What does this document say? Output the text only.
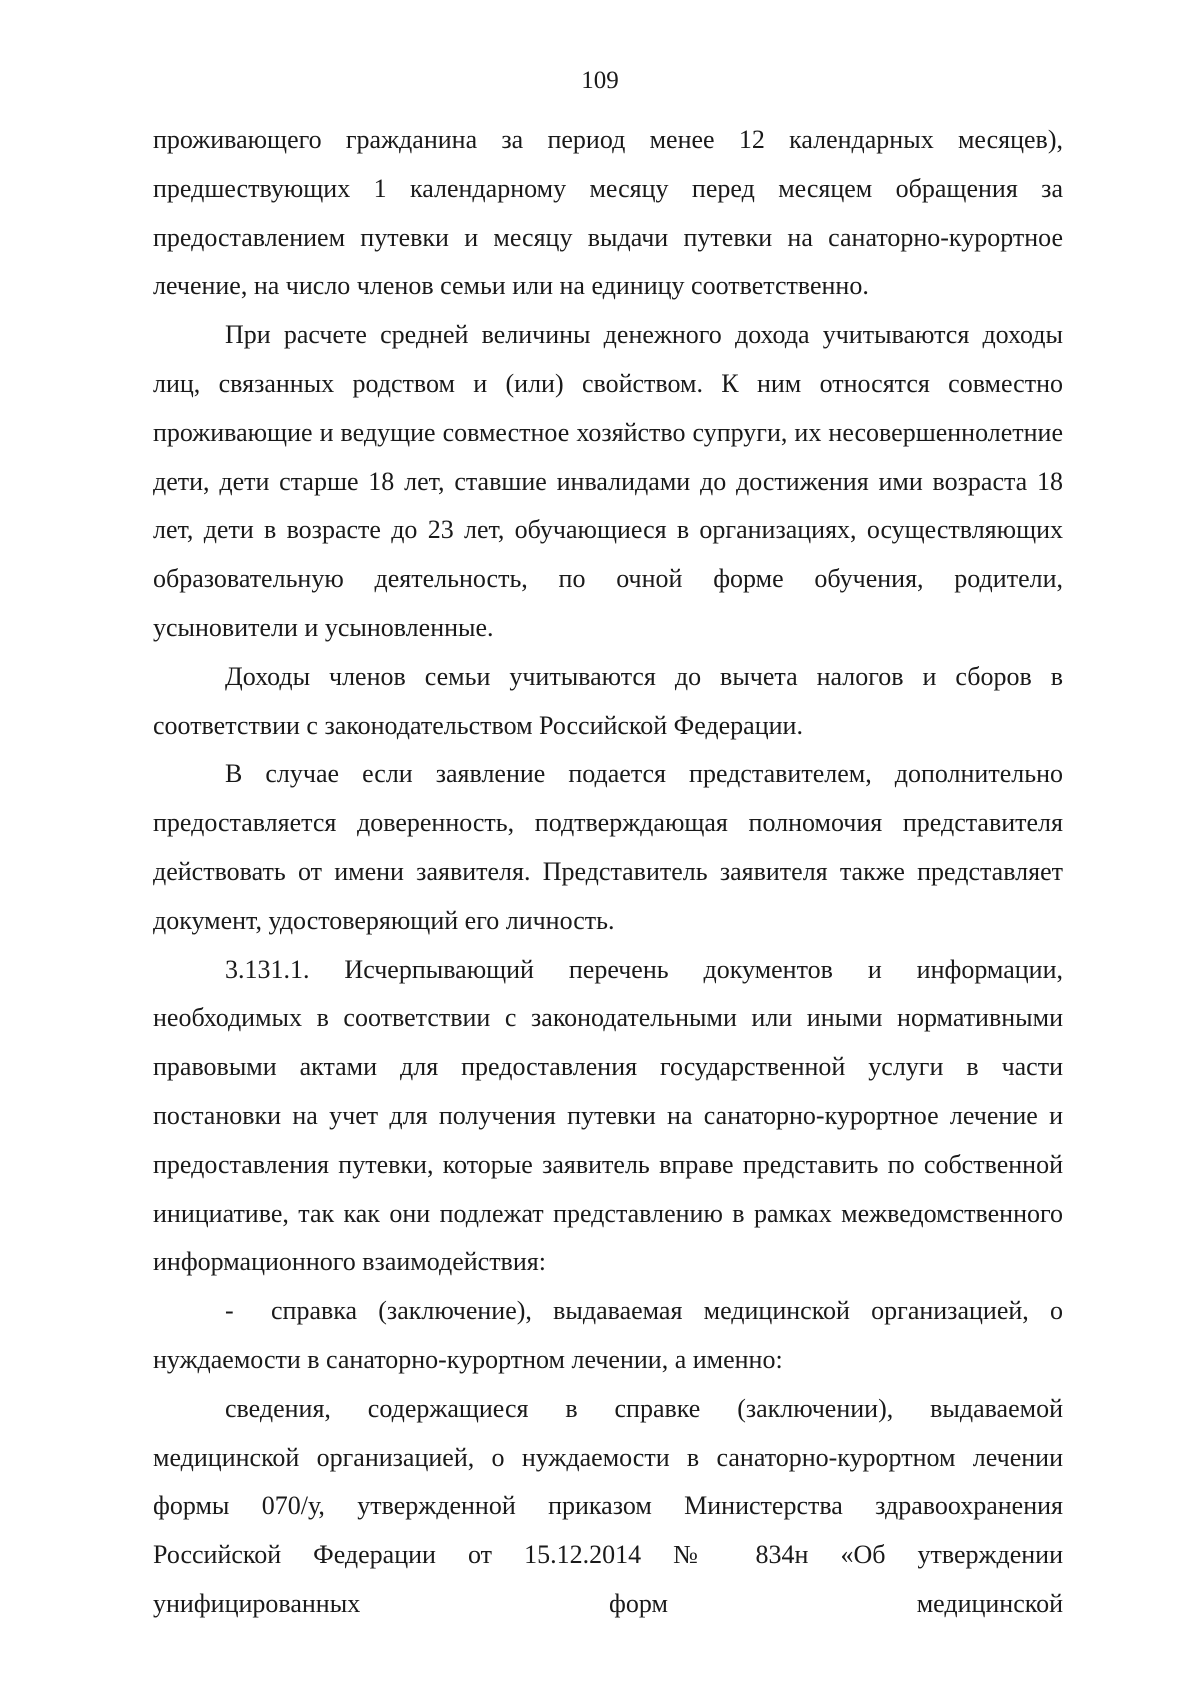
109

проживающего гражданина за период менее 12 календарных месяцев), предшествующих 1 календарному месяцу перед месяцем обращения за предоставлением путевки и месяцу выдачи путевки на санаторно-курортное лечение, на число членов семьи или на единицу соответственно.

При расчете средней величины денежного дохода учитываются доходы лиц, связанных родством и (или) свойством. К ним относятся совместно проживающие и ведущие совместное хозяйство супруги, их несовершеннолетние дети, дети старше 18 лет, ставшие инвалидами до достижения ими возраста 18 лет, дети в возрасте до 23 лет, обучающиеся в организациях, осуществляющих образовательную деятельность, по очной форме обучения, родители, усыновители и усыновленные.

Доходы членов семьи учитываются до вычета налогов и сборов в соответствии с законодательством Российской Федерации.

В случае если заявление подается представителем, дополнительно предоставляется доверенность, подтверждающая полномочия представителя действовать от имени заявителя. Представитель заявителя также представляет документ, удостоверяющий его личность.

3.131.1. Исчерпывающий перечень документов и информации, необходимых в соответствии с законодательными или иными нормативными правовыми актами для предоставления государственной услуги в части постановки на учет для получения путевки на санаторно-курортное лечение и предоставления путевки, которые заявитель вправе представить по собственной инициативе, так как они подлежат представлению в рамках межведомственного информационного взаимодействия:

- справка (заключение), выдаваемая медицинской организацией, о нуждаемости в санаторно-курортном лечении, а именно:

сведения, содержащиеся в справке (заключении), выдаваемой медицинской организацией, о нуждаемости в санаторно-курортном лечении формы 070/у, утвержденной приказом Министерства здравоохранения Российской Федерации от 15.12.2014 № 834н «Об утверждении унифицированных форм медицинской
